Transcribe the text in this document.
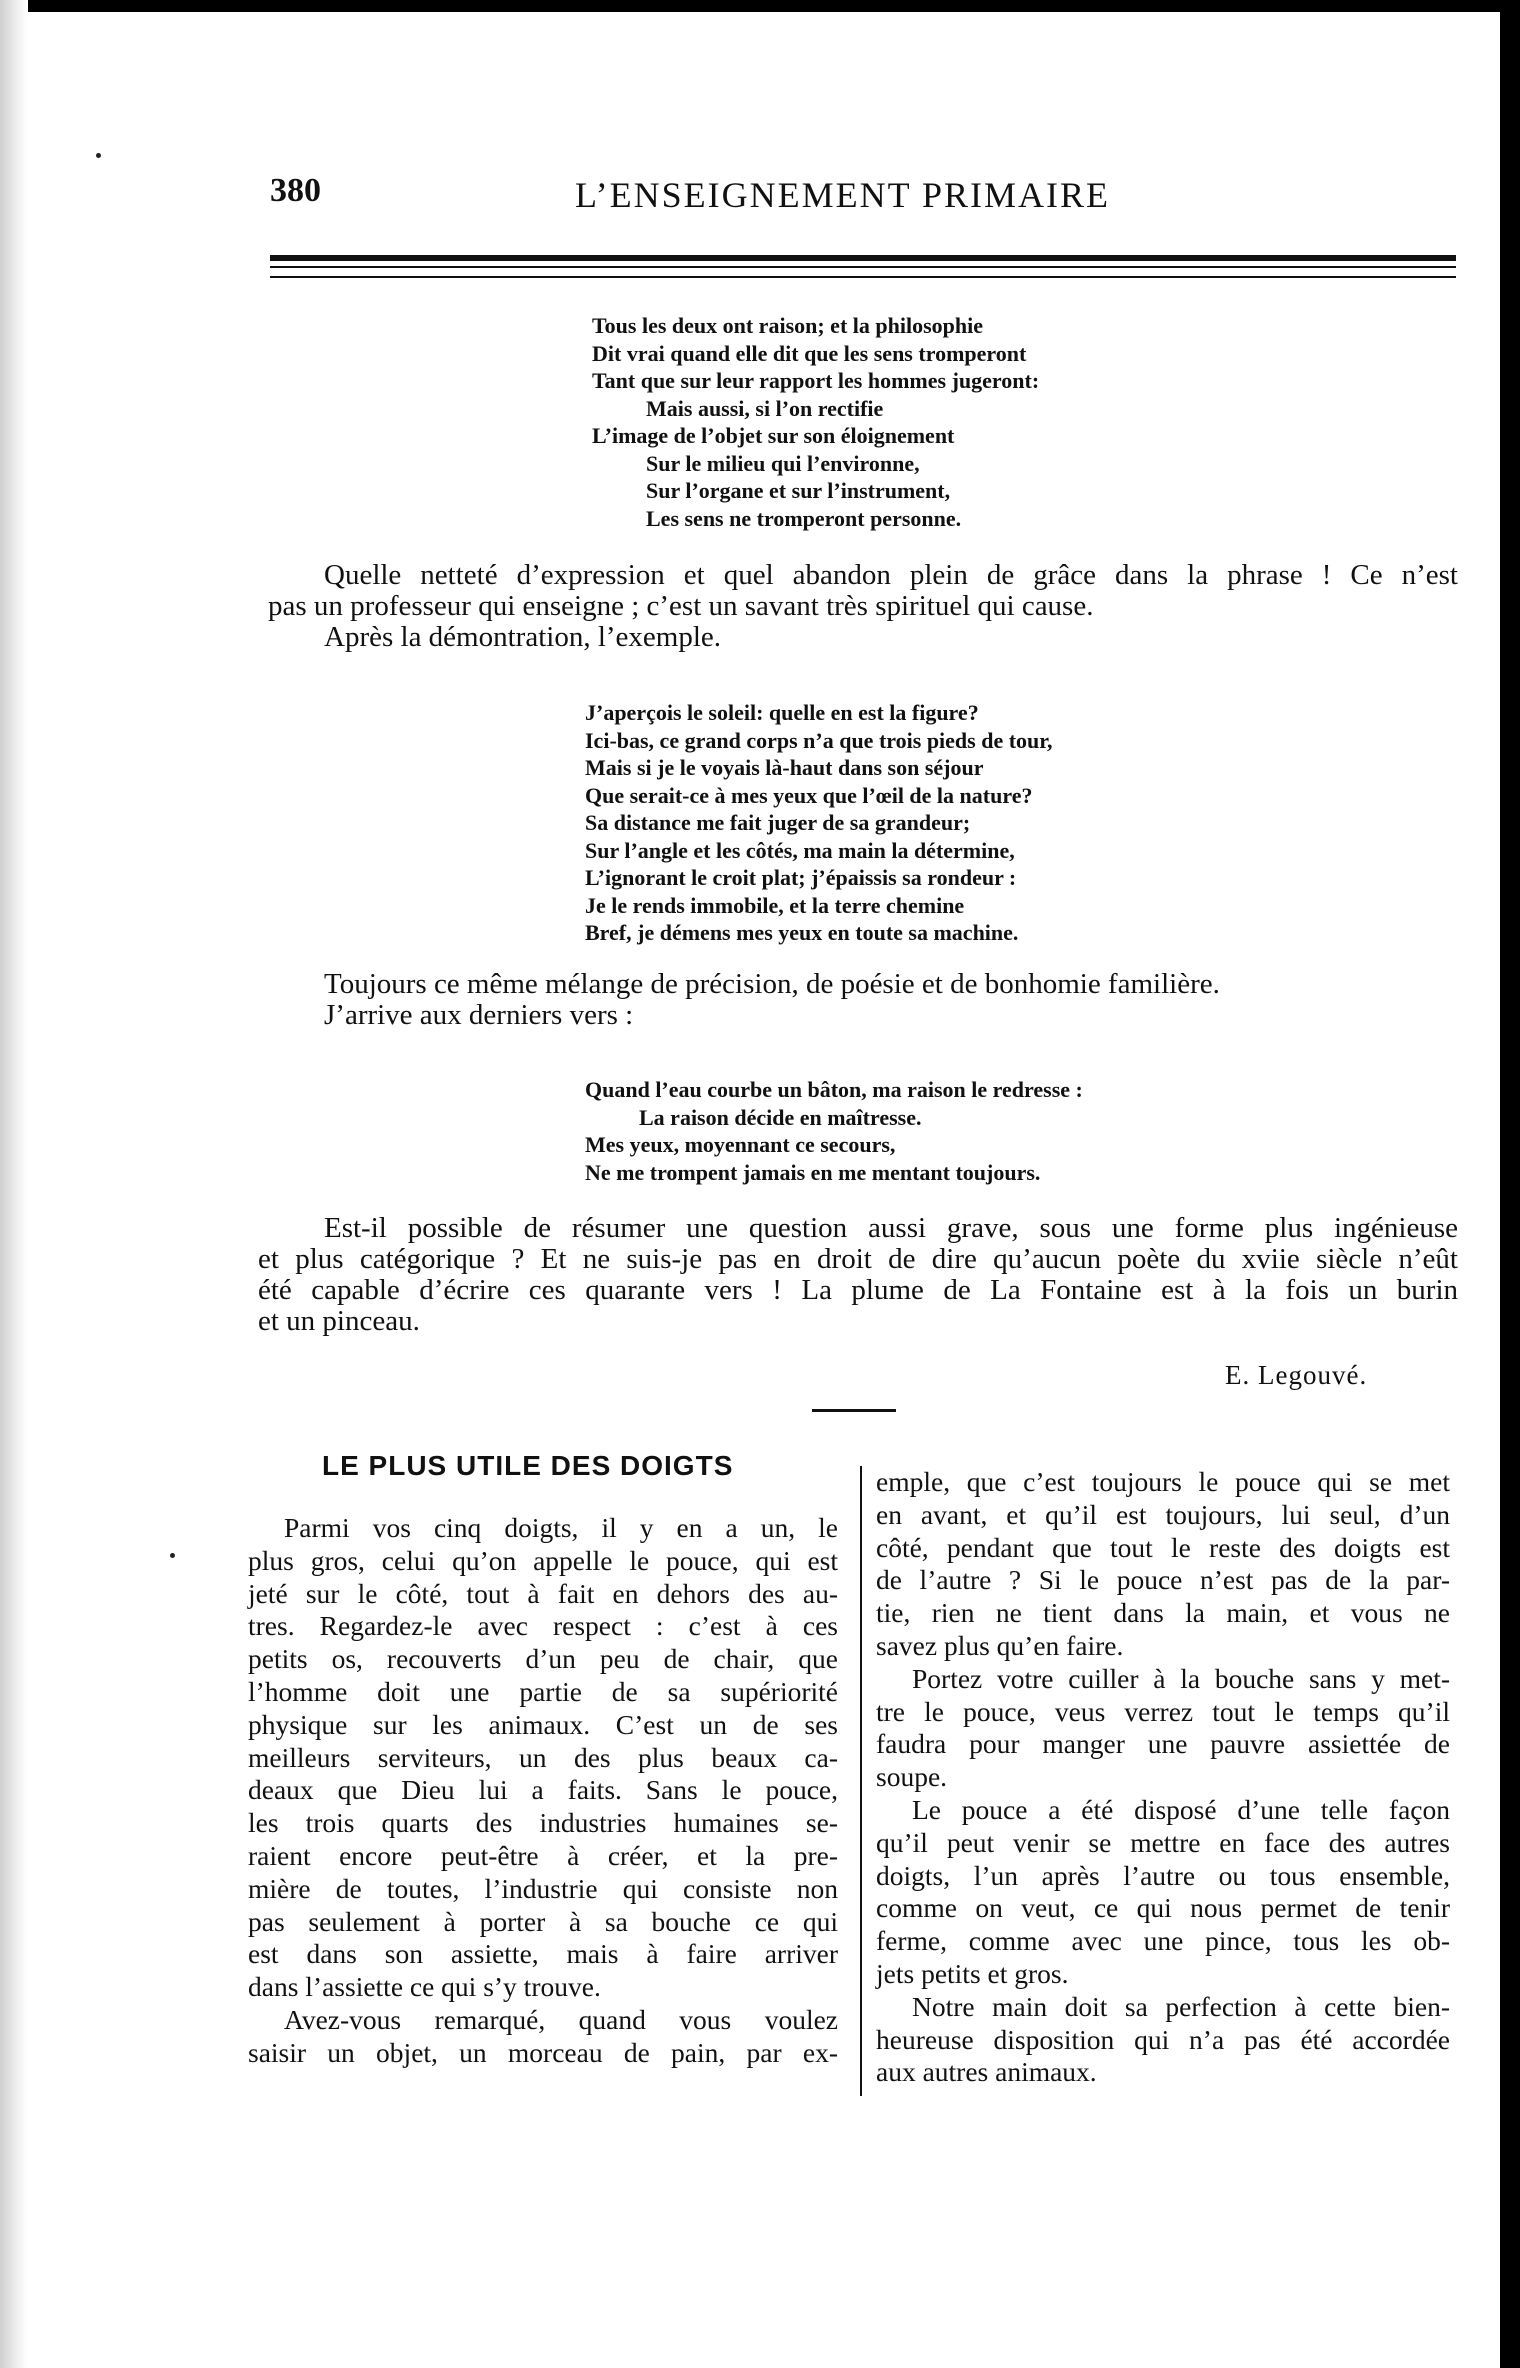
380	L’ENSEIGNEMENT PRIMAIRE
Tous les deux ont raison; et la philosophie
Dit vrai quand elle dit que les sens tromperont
Tant que sur leur rapport les hommes jugeront:
Mais aussi, si l’on rectifie
L’image de l’objet sur son éloignement
Sur le milieu qui l’environne,
Sur l’organe et sur l’instrument,
Les sens ne tromperont personne.
Quelle netteté d’expression et quel abandon plein de grâce dans la phrase ! Ce n’est
pas un professeur qui enseigne ; c’est un savant très spirituel qui cause.
Après la démontration, l’exemple.
J’aperçois le soleil: quelle en est la figure?
Ici-bas, ce grand corps n’a que trois pieds de tour,
Mais si je le voyais là-haut dans son séjour
Que serait-ce à mes yeux que l’œil de la nature?
Sa distance me fait juger de sa grandeur;
Sur l’angle et les côtés, ma main la détermine,
L’ignorant le croit plat; j’épaissis sa rondeur :
Je le rends immobile, et la terre chemine
Bref, je démens mes yeux en toute sa machine.
Toujours ce même mélange de précision, de poésie et de bonhomie familière.
J’arrive aux derniers vers :
Quand l’eau courbe un bâton, ma raison le redresse :
La raison décide en maîtresse.
Mes yeux, moyennant ce secours,
Ne me trompent jamais en me mentant toujours.
Est-il possible de résumer une question aussi grave, sous une forme plus ingénieuse
et plus catégorique ? Et ne suis-je pas en droit de dire qu’aucun poète du xviie siècle n’eût
été capable d’écrire ces quarante vers ! La plume de La Fontaine est à la fois un burin
et un pinceau.
E. Legouvé.
LE PLUS UTILE DES DOIGTS
Parmi vos cinq doigts, il y en a un, le
plus gros, celui qu’on appelle le pouce, qui est
jeté sur le côté, tout à fait en dehors des au-
tres. Regardez-le avec respect : c’est à ces
petits os, recouverts d’un peu de chair, que
l’homme doit une partie de sa supériorité
physique sur les animaux. C’est un de ses
meilleurs serviteurs, un des plus beaux ca-
deaux que Dieu lui a faits. Sans le pouce,
les trois quarts des industries humaines se-
raient encore peut-être à créer, et la pre-
mière de toutes, l’industrie qui consiste non
pas seulement à porter à sa bouche ce qui
est dans son assiette, mais à faire arriver
dans l’assiette ce qui s’y trouve.
Avez-vous remarqué, quand vous voulez
saisir un objet, un morceau de pain, par ex-
emple, que c’est toujours le pouce qui se met
en avant, et qu’il est toujours, lui seul, d’un
côté, pendant que tout le reste des doigts est
de l’autre ? Si le pouce n’est pas de la par-
tie, rien ne tient dans la main, et vous ne
savez plus qu’en faire.
Portez votre cuiller à la bouche sans y met-
tre le pouce, veus verrez tout le temps qu’il
faudra pour manger une pauvre assiettée de
soupe.
Le pouce a été disposé d’une telle façon
qu’il peut venir se mettre en face des autres
doigts, l’un après l’autre ou tous ensemble,
comme on veut, ce qui nous permet de tenir
ferme, comme avec une pince, tous les ob-
jets petits et gros.
Notre main doit sa perfection à cette bien-
heureuse disposition qui n’a pas été accordée
aux autres animaux.
